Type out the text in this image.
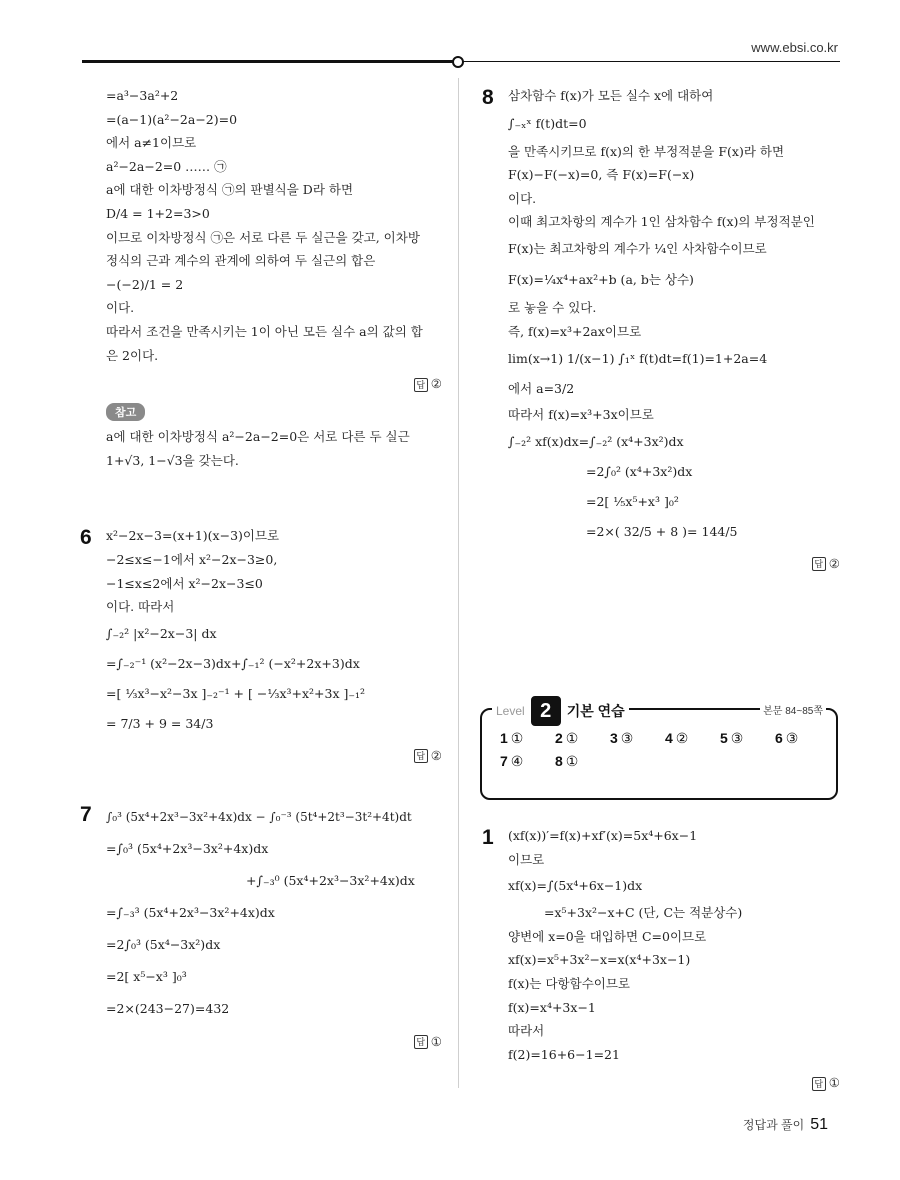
www.ebsi.co.kr
=a³−3a²+2
=(a−1)(a²−2a−2)=0
에서 a≠1이므로
a²−2a−2=0 …… ㉠
a에 대한 이차방정식 ㉠의 판별식을 D라 하면
D/4 = 1+2=3>0
이므로 이차방정식 ㉠은 서로 다른 두 실근을 갖고, 이차방
정식의 근과 계수의 관계에 의하여 두 실근의 합은
−(−2)/1 = 2
이다.
따라서 조건을 만족시키는 1이 아닌 모든 실수 a의 값의 합
은 2이다.
답 ②
참고
a에 대한 이차방정식 a²−2a−2=0은 서로 다른 두 실근
1+√3, 1−√3을 갖는다.
6 x²−2x−3=(x+1)(x−3)이므로
−2≤x≤−1에서 x²−2x−3≥0,
−1≤x≤2에서 x²−2x−3≤0
이다. 따라서
∫₋₂² |x²−2x−3| dx
=∫₋₂⁻¹ (x²−2x−3)dx+∫₋₁² (−x²+2x+3)dx
=[ ⅓x³−x²−3x ]₋₂⁻¹ + [ −⅓x³+x²+3x ]₋₁²
= 7/3 + 9 = 34/3
답 ②
7 ∫₀³ (5x⁴+2x³−3x²+4x)dx − ∫₀⁻³ (5t⁴+2t³−3t²+4t)dt
=∫₀³ (5x⁴+2x³−3x²+4x)dx
+∫₋₃⁰ (5x⁴+2x³−3x²+4x)dx
=∫₋₃³ (5x⁴+2x³−3x²+4x)dx
=2∫₀³ (5x⁴−3x²)dx
=2[ x⁵−x³ ]₀³
=2×(243−27)=432
답 ①
8 삼차함수 f(x)가 모든 실수 x에 대하여
∫₋ₓˣ f(t)dt=0
을 만족시키므로 f(x)의 한 부정적분을 F(x)라 하면
F(x)−F(−x)=0, 즉 F(x)=F(−x)
이다.
이때 최고차항의 계수가 1인 삼차함수 f(x)의 부정적분인
F(x)는 최고차항의 계수가 ¼인 사차함수이므로
F(x)=¼x⁴+ax²+b (a, b는 상수)
로 놓을 수 있다.
즉, f(x)=x³+2ax이므로
lim(x→1) 1/(x−1) ∫₁ˣ f(t)dt=f(1)=1+2a=4
에서 a=3/2
따라서 f(x)=x³+3x이므로
∫₋₂² xf(x)dx=∫₋₂² (x⁴+3x²)dx
=2∫₀² (x⁴+3x²)dx
=2[ ⅕x⁵+x³ ]₀²
=2×( 32/5 + 8 )= 144/5
답 ②
Level 2	기본 연습	본문 84~85쪽
1 ①	2 ①	3 ③	4 ②	5 ③	6 ③
7 ④	8 ①
1 (xf(x))′=f(x)+xf′(x)=5x⁴+6x−1
이므로
xf(x)=∫(5x⁴+6x−1)dx
=x⁵+3x²−x+C (단, C는 적분상수)
양변에 x=0을 대입하면 C=0이므로
xf(x)=x⁵+3x²−x=x(x⁴+3x−1)
f(x)는 다항함수이므로
f(x)=x⁴+3x−1
따라서
f(2)=16+6−1=21
답 ①
정답과 풀이 51
